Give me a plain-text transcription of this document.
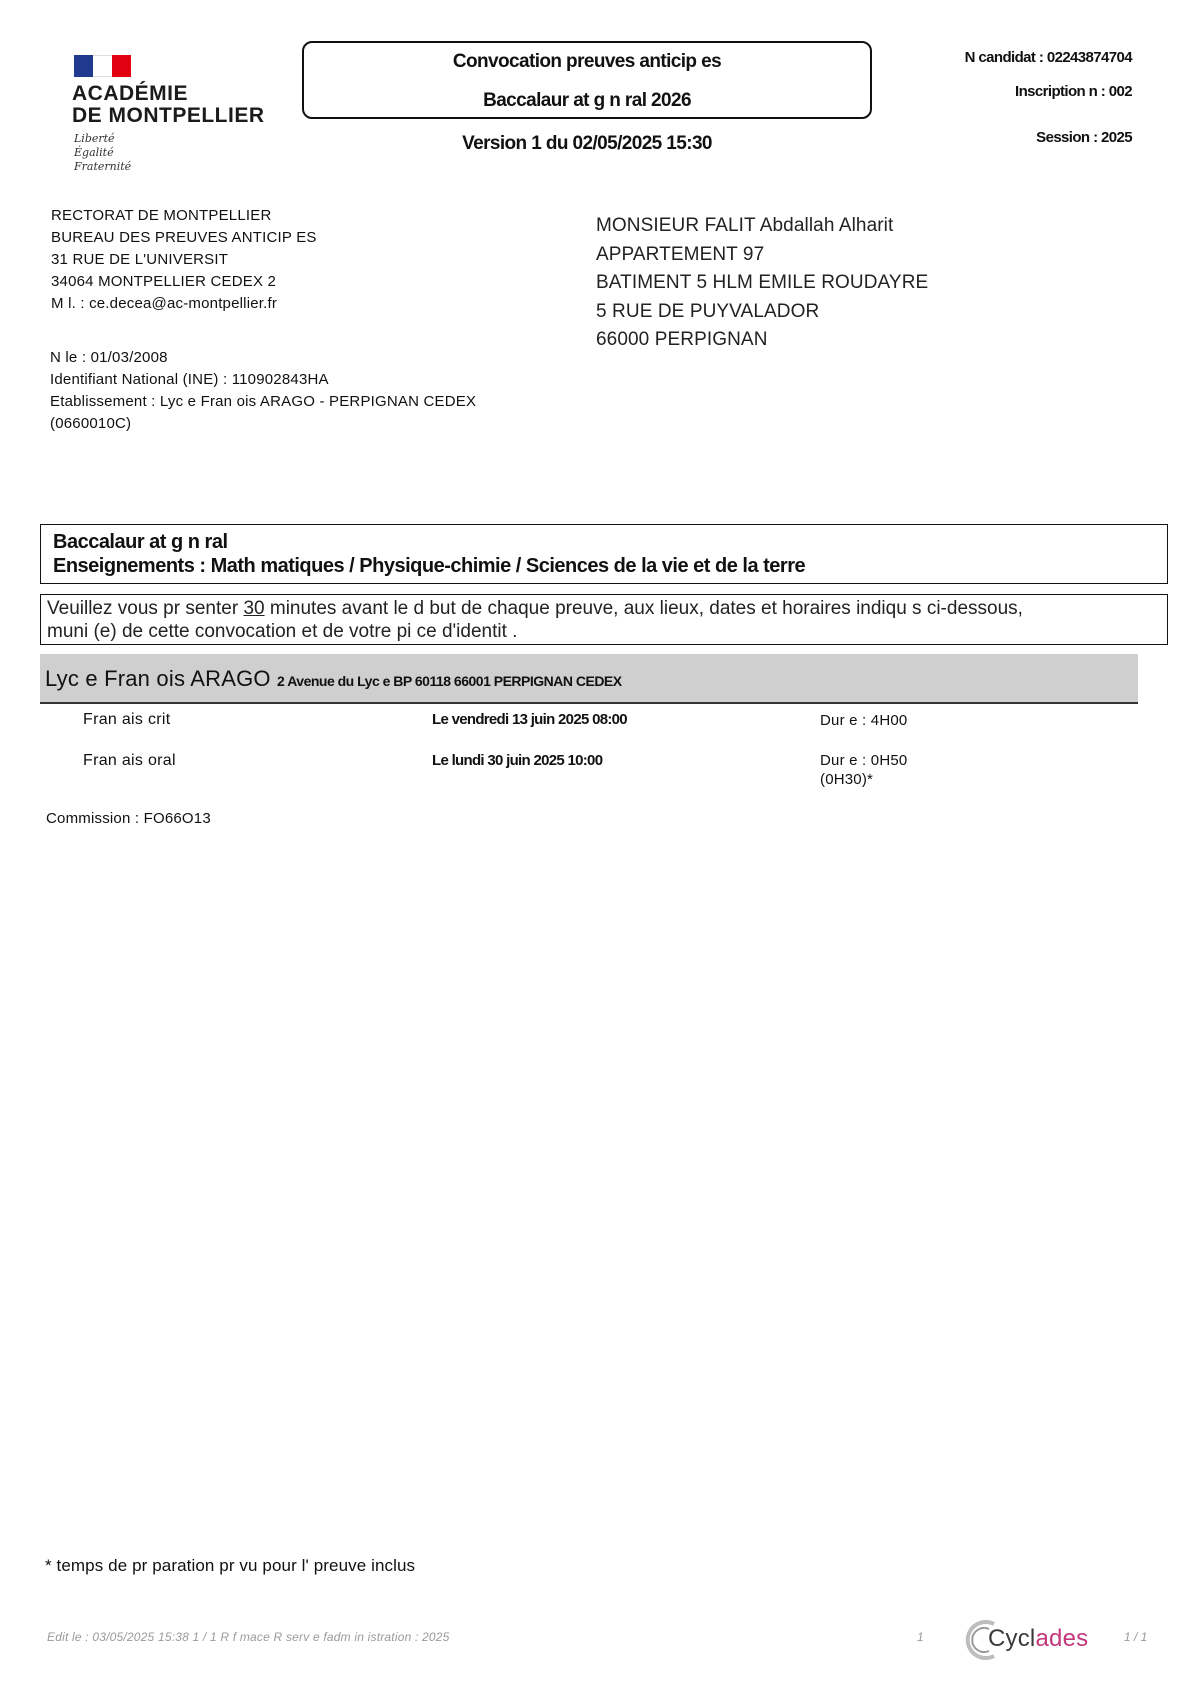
ACADÉMIE
DE MONTPELLIER
Liberté
Égalité
Fraternité
Convocation preuves anticip es
Baccalaur at g n ral 2026
Version 1 du 02/05/2025 15:30
N candidat : 02243874704
Inscription n : 002
Session : 2025
RECTORAT DE MONTPELLIER
BUREAU DES PREUVES ANTICIP ES
31 RUE DE L'UNIVERSIT
34064 MONTPELLIER CEDEX 2
M l. : ce.decea@ac-montpellier.fr
N le : 01/03/2008
Identifiant National (INE) : 110902843HA
Etablissement : Lyc e Fran ois ARAGO - PERPIGNAN CEDEX
(0660010C)
MONSIEUR FALIT Abdallah Alharit
APPARTEMENT 97
BATIMENT 5 HLM EMILE ROUDAYRE
5 RUE DE PUYVALADOR
66000 PERPIGNAN
Baccalaur at g n ral
Enseignements : Math matiques / Physique-chimie / Sciences de la vie et de la terre
Veuillez vous pr senter 30 minutes avant le d but de chaque preuve, aux lieux, dates et horaires indiqu s ci-dessous,
muni (e) de cette convocation et de votre pi ce d'identit .
Lyc e Fran ois ARAGO 2 Avenue du Lyc e BP 60118 66001 PERPIGNAN CEDEX
Fran ais crit	Le vendredi 13 juin 2025 08:00	Dur e : 4H00
Fran ais oral	Le lundi 30 juin 2025 10:00	Dur e : 0H50
(0H30)*
Commission : FO66O13
* temps de pr paration pr vu pour l' preuve inclus
Edit le : 03/05/2025 15:38 1 / 1 R f mace R serv e fadm in istration : 2025	1	1 / 1
Cyclades
